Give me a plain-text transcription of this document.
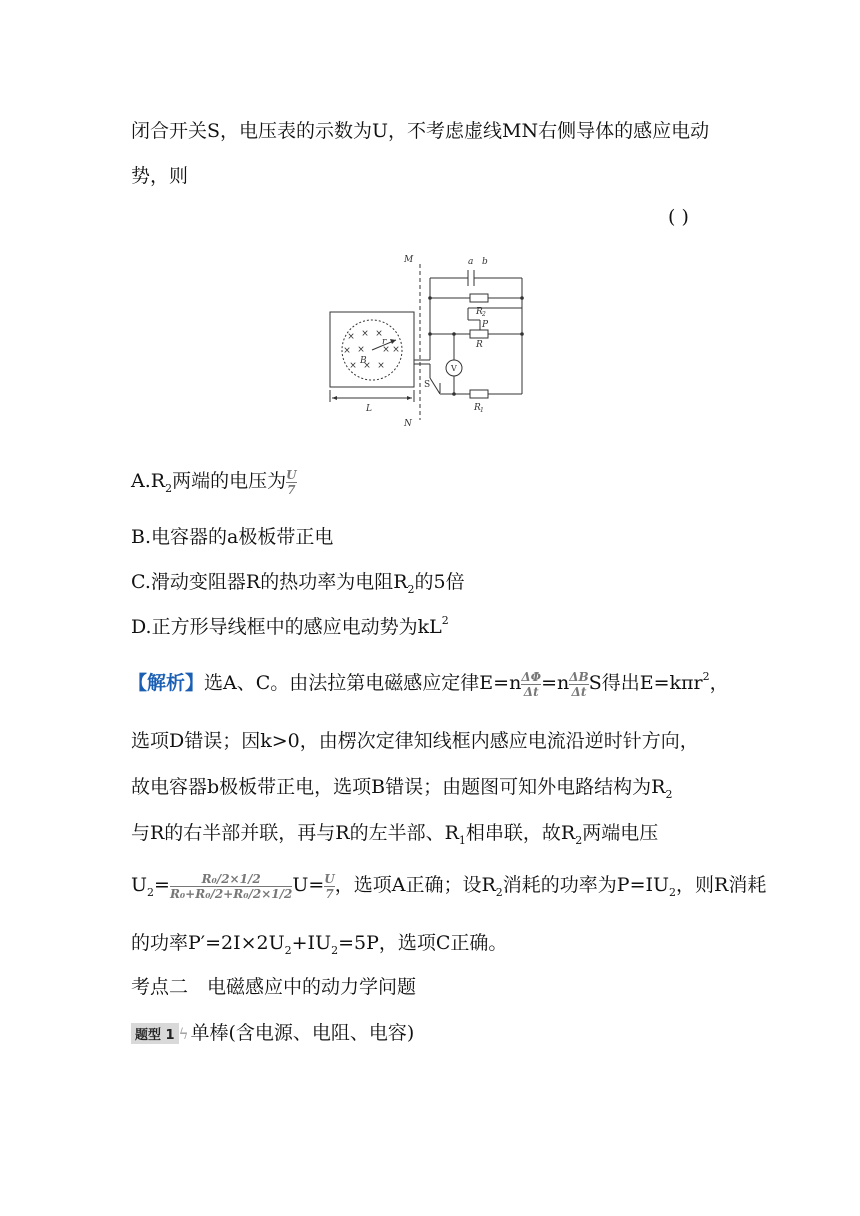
闭合开关S，电压表的示数为U，不考虑虚线MN右侧导体的感应电动
势，则
( )
× × ×
× × × ×
× × ×
M
N
a b
R 2
P
R
B
r
S
V
R 1
L
$A.R_2$两端的电压为 $\frac{U}{7}$
B.电容器的a极板带正电
C.滑动变阻器R的热功率为电阻$R_2$的5倍
D.正方形导线框中的感应电动势为$kL^2$
【解析】选A、C。由法拉第电磁感应定律$E=n \frac{\Delta\Phi}{\Delta t} =n \frac{\Delta B}{\Delta t}$ S得出E=kπr$^2$，
选项D错误；因k>0，由楞次定律知线框内感应电流沿逆时针方向，
故电容器b极板带正电，选项B错误；由题图可知外电路结构为$R_2$
与R的右半部并联，再与R的左半部、$R_1$相串联，故$R_2$两端电压
$U_2= \frac{\text{R₀/2×1/2}}{\text{R₀+R₀/2+R₀/2×1/2}} U= \frac{U}{7}$ ，选项A正确；设$R_2$消耗的功率为$P=IU_2$，则R消耗
的功率$P'=2I\times 2U_2+IU_2=5P$，选项C正确。
考点二　电磁感应中的动力学问题
题型 1 ϟ 单棒(含电源、电阻、电容)
